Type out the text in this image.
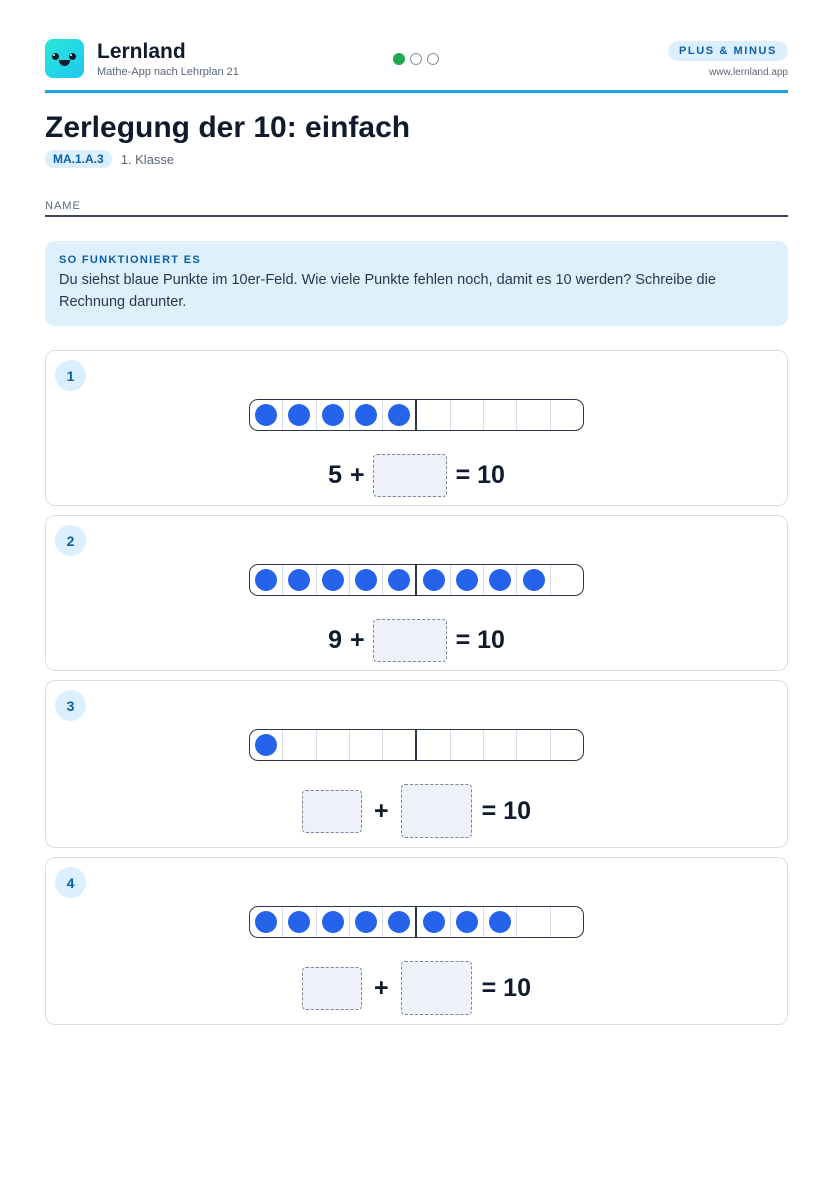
Lernland
Mathe-App nach Lehrplan 21
PLUS & MINUS
www.lernland.app
Zerlegung der 10: einfach
MA.1.A.3	1. Klasse
NAME
SO FUNKTIONIERT ES
Du siehst blaue Punkte im 10er-Feld. Wie viele Punkte fehlen noch, damit es 10 werden? Schreibe die Rechnung darunter.
1
5 +	= 10
2
9 +	= 10
3
+	= 10
4
+	= 10
